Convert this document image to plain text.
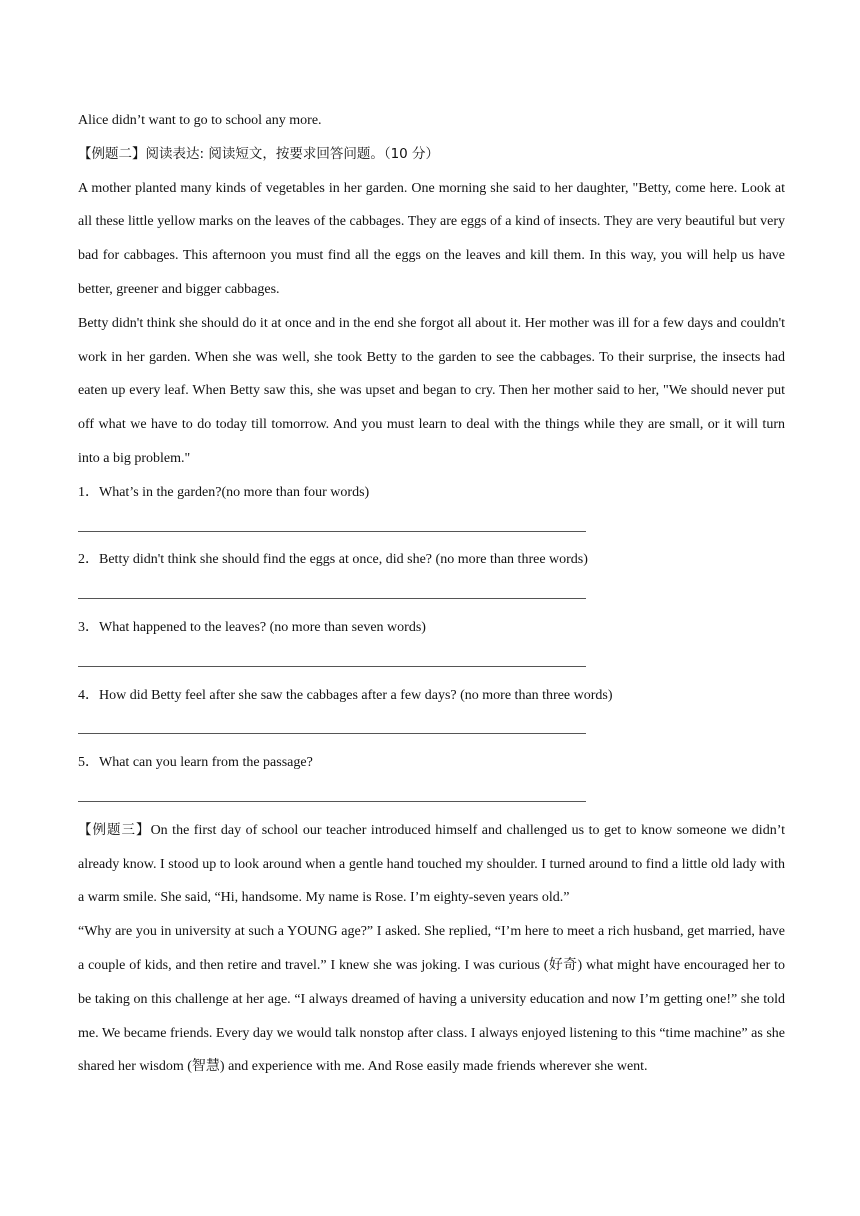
Alice didn’t want to go to school any more.

【例题二】阅读表达: 阅读短文，按要求回答问题。（10 分）

A mother planted many kinds of vegetables in her garden. One morning she said to her daughter, "Betty, come here. Look at all these little yellow marks on the leaves of the cabbages. They are eggs of a kind of insects. They are very beautiful but very bad for cabbages. This afternoon you must find all the eggs on the leaves and kill them. In this way, you will help us have better, greener and bigger cabbages.

Betty didn't think she should do it at once and in the end she forgot all about it. Her mother was ill for a few days and couldn't work in her garden. When she was well, she took Betty to the garden to see the cabbages. To their surprise, the insects had eaten up every leaf. When Betty saw this, she was upset and began to cry. Then her mother said to her, "We should never put off what we have to do today till tomorrow. And you must learn to deal with the things while they are small, or it will turn into a big problem."

1．What’s in the garden?(no more than four words)

2．Betty didn't think she should find the eggs at once, did she? (no more than three words)

3．What happened to the leaves? (no more than seven words)

4．How did Betty feel after she saw the cabbages after a few days? (no more than three words)

5．What can you learn from the passage?

【例题三】On the first day of school our teacher introduced himself and challenged us to get to know someone we didn’t already know. I stood up to look around when a gentle hand touched my shoulder. I turned around to find a little old lady with a warm smile. She said, “Hi, handsome. My name is Rose. I’m eighty-seven years old.”

“Why are you in university at such a YOUNG age?” I asked. She replied, “I’m here to meet a rich husband, get married, have a couple of kids, and then retire and travel.” I knew she was joking. I was curious (好奇) what might have encouraged her to be taking on this challenge at her age. “I always dreamed of having a university education and now I’m getting one!” she told me. We became friends. Every day we would talk nonstop after class. I always enjoyed listening to this “time machine” as she shared her wisdom (智慧) and experience with me. And Rose easily made friends wherever she went.
